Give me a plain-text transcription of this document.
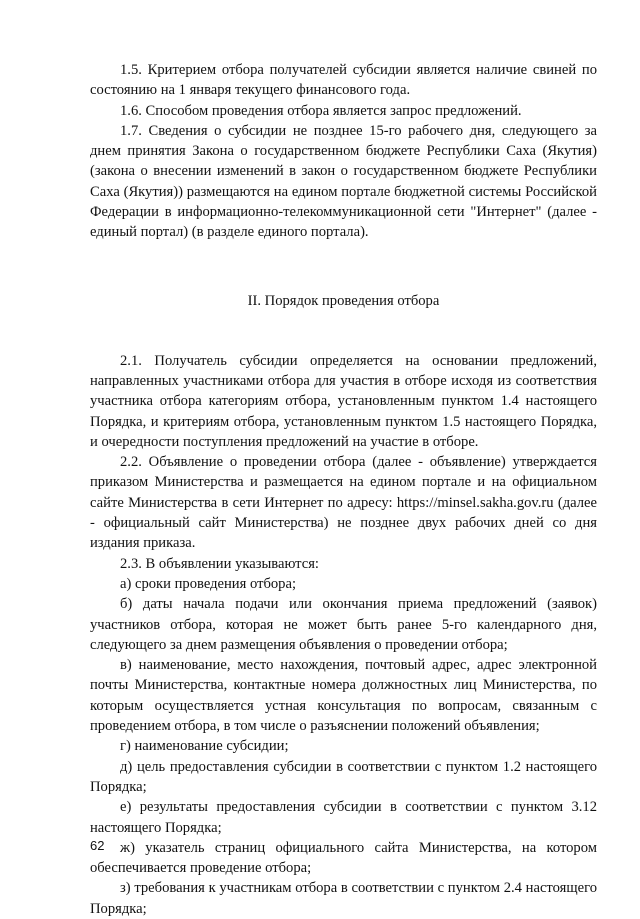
1.5. Критерием отбора получателей субсидии является наличие свиней по состоянию на 1 января текущего финансового года.

1.6. Способом проведения отбора является запрос предложений.

1.7. Сведения о субсидии не позднее 15-го рабочего дня, следующего за днем принятия Закона о государственном бюджете Республики Саха (Якутия) (закона о внесении изменений в закон о государственном бюджете Республики Саха (Якутия)) размещаются на едином портале бюджетной системы Российской Федерации в информационно-телекоммуникационной сети "Интернет" (далее - единый портал) (в разделе единого портала).

II. Порядок проведения отбора

2.1. Получатель субсидии определяется на основании предложений, направленных участниками отбора для участия в отборе исходя из соответствия участника отбора категориям отбора, установленным пунктом 1.4 настоящего Порядка, и критериям отбора, установленным пунктом 1.5 настоящего Порядка, и очередности поступления предложений на участие в отборе.

2.2. Объявление о проведении отбора (далее - объявление) утверждается приказом Министерства и размещается на едином портале и на официальном сайте Министерства в сети Интернет по адресу: https://minsel.sakha.gov.ru (далее - официальный сайт Министерства) не позднее двух рабочих дней со дня издания приказа.

2.3. В объявлении указываются:

а) сроки проведения отбора;

б) даты начала подачи или окончания приема предложений (заявок) участников отбора, которая не может быть ранее 5-го календарного дня, следующего за днем размещения объявления о проведении отбора;

в) наименование, место нахождения, почтовый адрес, адрес электронной почты Министерства, контактные номера должностных лиц Министерства, по которым осуществляется устная консультация по вопросам, связанным с проведением отбора, в том числе о разъяснении положений объявления;

г) наименование субсидии;

д) цель предоставления субсидии в соответствии с пунктом 1.2 настоящего Порядка;

е) результаты предоставления субсидии в соответствии с пунктом 3.12 настоящего Порядка;

ж) указатель страниц официального сайта Министерства, на котором обеспечивается проведение отбора;

з) требования к участникам отбора в соответствии с пунктом 2.4 настоящего Порядка;

62
